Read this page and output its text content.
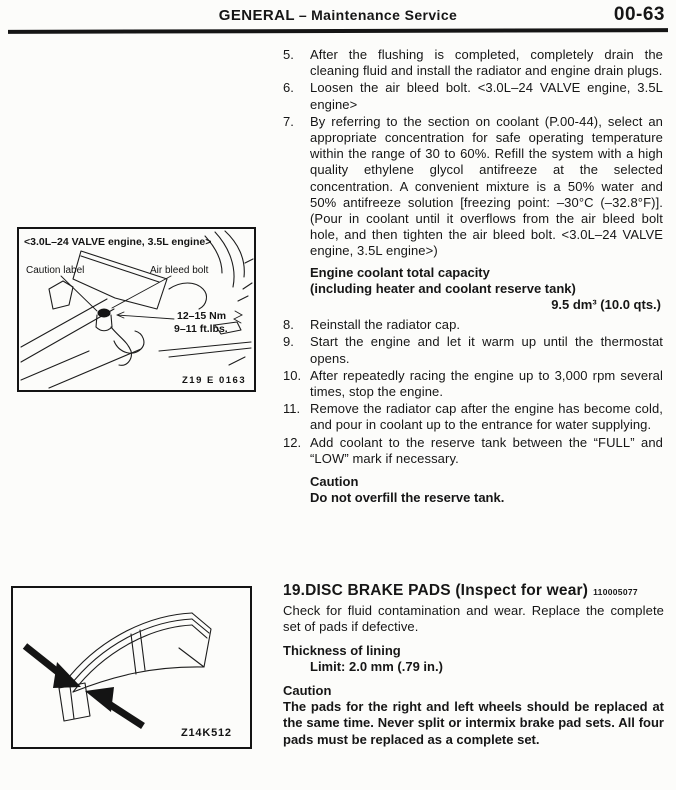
GENERAL – Maintenance Service	00-63
5.	After the flushing is completed, completely drain the cleaning fluid and install the radiator and engine drain plugs.
6.	Loosen the air bleed bolt. <3.0L–24 VALVE engine, 3.5L engine>
7.	By referring to the section on coolant (P.00-44), select an appropriate concentration for safe operating temperature within the range of 30 to 60%. Refill the system with a high quality ethylene glycol antifreeze at the selected concentration. A convenient mixture is a 50% water and 50% antifreeze solution [freezing point: –30°C (–32.8°F)]. (Pour in coolant until it overflows from the air bleed bolt hole, and then tighten the air bleed bolt. <3.0L–24 VALVE engine, 3.5L engine>)
Engine coolant total capacity
(including heater and coolant reserve tank)
9.5 dm³ (10.0 qts.)
8.	Reinstall the radiator cap.
9.	Start the engine and let it warm up until the thermostat opens.
10. After repeatedly racing the engine up to 3,000 rpm several times, stop the engine.
11. Remove the radiator cap after the engine has become cold, and pour in coolant up to the entrance for water supplying.
12. Add coolant to the reserve tank between the “FULL” and “LOW” mark if necessary.
Caution
Do not overfill the reserve tank.
<3.0L–24 VALVE engine, 3.5L engine>
Caution label	Air bleed bolt
12–15 Nm
9–11 ft.lbs.
Z19 E 0163
19.DISC BRAKE PADS (Inspect for wear) 110005077
Check for fluid contamination and wear. Replace the complete set of pads if defective.
Thickness of lining
Limit: 2.0 mm (.79 in.)
Caution
The pads for the right and left wheels should be replaced at the same time. Never split or intermix brake pad sets. All four pads must be replaced as a complete set.
Z14K512
